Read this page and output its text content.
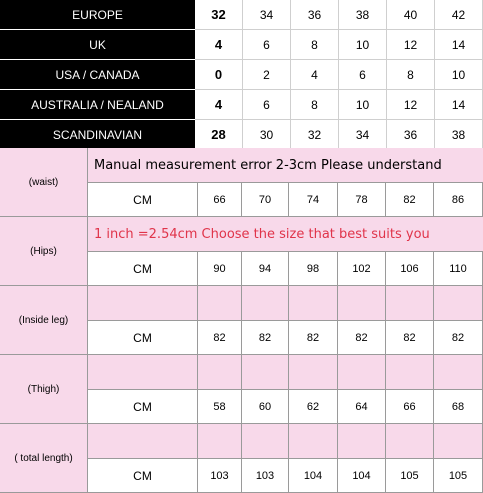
EUROPE	32	34	36	38	40	42
UK	4	6	8	10	12	14
USA / CANADA	0	2	4	6	8	10
AUSTRALIA / NEALAND	4	6	8	10	12	14
SCANDINAVIAN	28	30	32	34	36	38
(waist)
Manual measurement error 2-3cm Please understand
CM	66	70	74	78	82	86
(Hips)
1 inch =2.54cm Choose the size that best suits you
CM	90	94	98	102	106	110
(Inside leg)
CM	82	82	82	82	82	82
(Thigh)
CM	58	60	62	64	66	68
( total length)
CM	103	103	104	104	105	105
